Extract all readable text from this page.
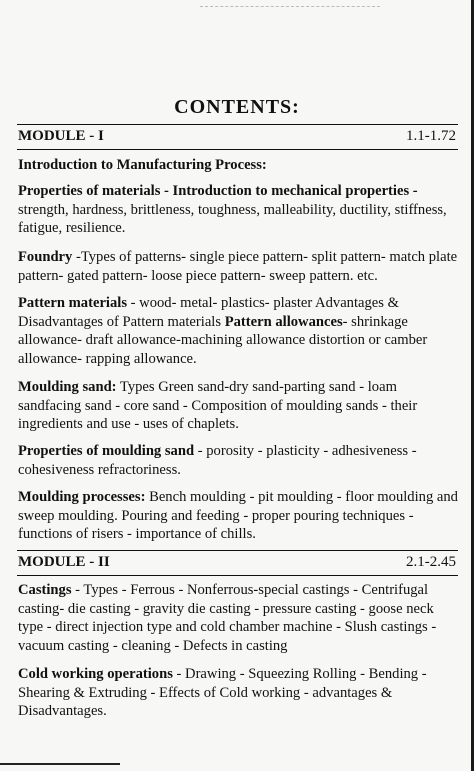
CONTENTS:
MODULE - I	1.1-1.72
Introduction to Manufacturing Process:
Properties of materials - Introduction to mechanical properties - strength, hardness, brittleness, toughness, malleability, ductility, stiffness, fatigue, resilience.
Foundry -Types of patterns- single piece pattern- split pattern- match plate pattern- gated pattern- loose piece pattern- sweep pattern. etc.
Pattern materials - wood- metal- plastics- plaster Advantages & Disadvantages of Pattern materials Pattern allowances- shrinkage allowance- draft allowance-machining allowance distortion or camber allowance- rapping allowance.
Moulding sand: Types Green sand-dry sand-parting sand - loam sandfacing sand - core sand - Composition of moulding sands - their ingredients and use - uses of chaplets.
Properties of moulding sand - porosity - plasticity - adhesiveness - cohesiveness refractoriness.
Moulding processes: Bench moulding - pit moulding - floor moulding and sweep moulding. Pouring and feeding - proper pouring techniques - functions of risers - importance of chills.
MODULE - II	2.1-2.45
Castings - Types - Ferrous - Nonferrous-special castings - Centrifugal casting- die casting - gravity die casting - pressure casting - goose neck type - direct injection type and cold chamber machine - Slush castings - vacuum casting - cleaning - Defects in casting
Cold working operations - Drawing - Squeezing Rolling - Bending - Shearing & Extruding - Effects of Cold working - advantages & Disadvantages.
